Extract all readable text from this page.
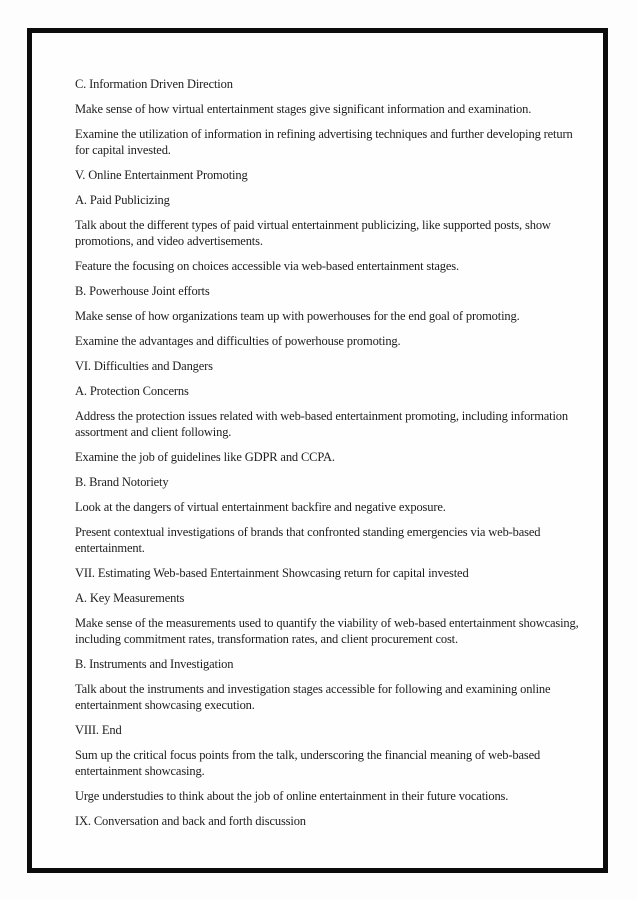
C. Information Driven Direction

Make sense of how virtual entertainment stages give significant information and examination.

Examine the utilization of information in refining advertising techniques and further developing return for capital invested.

V. Online Entertainment Promoting

A. Paid Publicizing

Talk about the different types of paid virtual entertainment publicizing, like supported posts, show promotions, and video advertisements.

Feature the focusing on choices accessible via web-based entertainment stages.

B. Powerhouse Joint efforts

Make sense of how organizations team up with powerhouses for the end goal of promoting.

Examine the advantages and difficulties of powerhouse promoting.

VI. Difficulties and Dangers

A. Protection Concerns

Address the protection issues related with web-based entertainment promoting, including information assortment and client following.

Examine the job of guidelines like GDPR and CCPA.

B. Brand Notoriety

Look at the dangers of virtual entertainment backfire and negative exposure.

Present contextual investigations of brands that confronted standing emergencies via web-based entertainment.

VII. Estimating Web-based Entertainment Showcasing return for capital invested

A. Key Measurements

Make sense of the measurements used to quantify the viability of web-based entertainment showcasing, including commitment rates, transformation rates, and client procurement cost.

B. Instruments and Investigation

Talk about the instruments and investigation stages accessible for following and examining online entertainment showcasing execution.

VIII. End

Sum up the critical focus points from the talk, underscoring the financial meaning of web-based entertainment showcasing.

Urge understudies to think about the job of online entertainment in their future vocations.

IX. Conversation and back and forth discussion
